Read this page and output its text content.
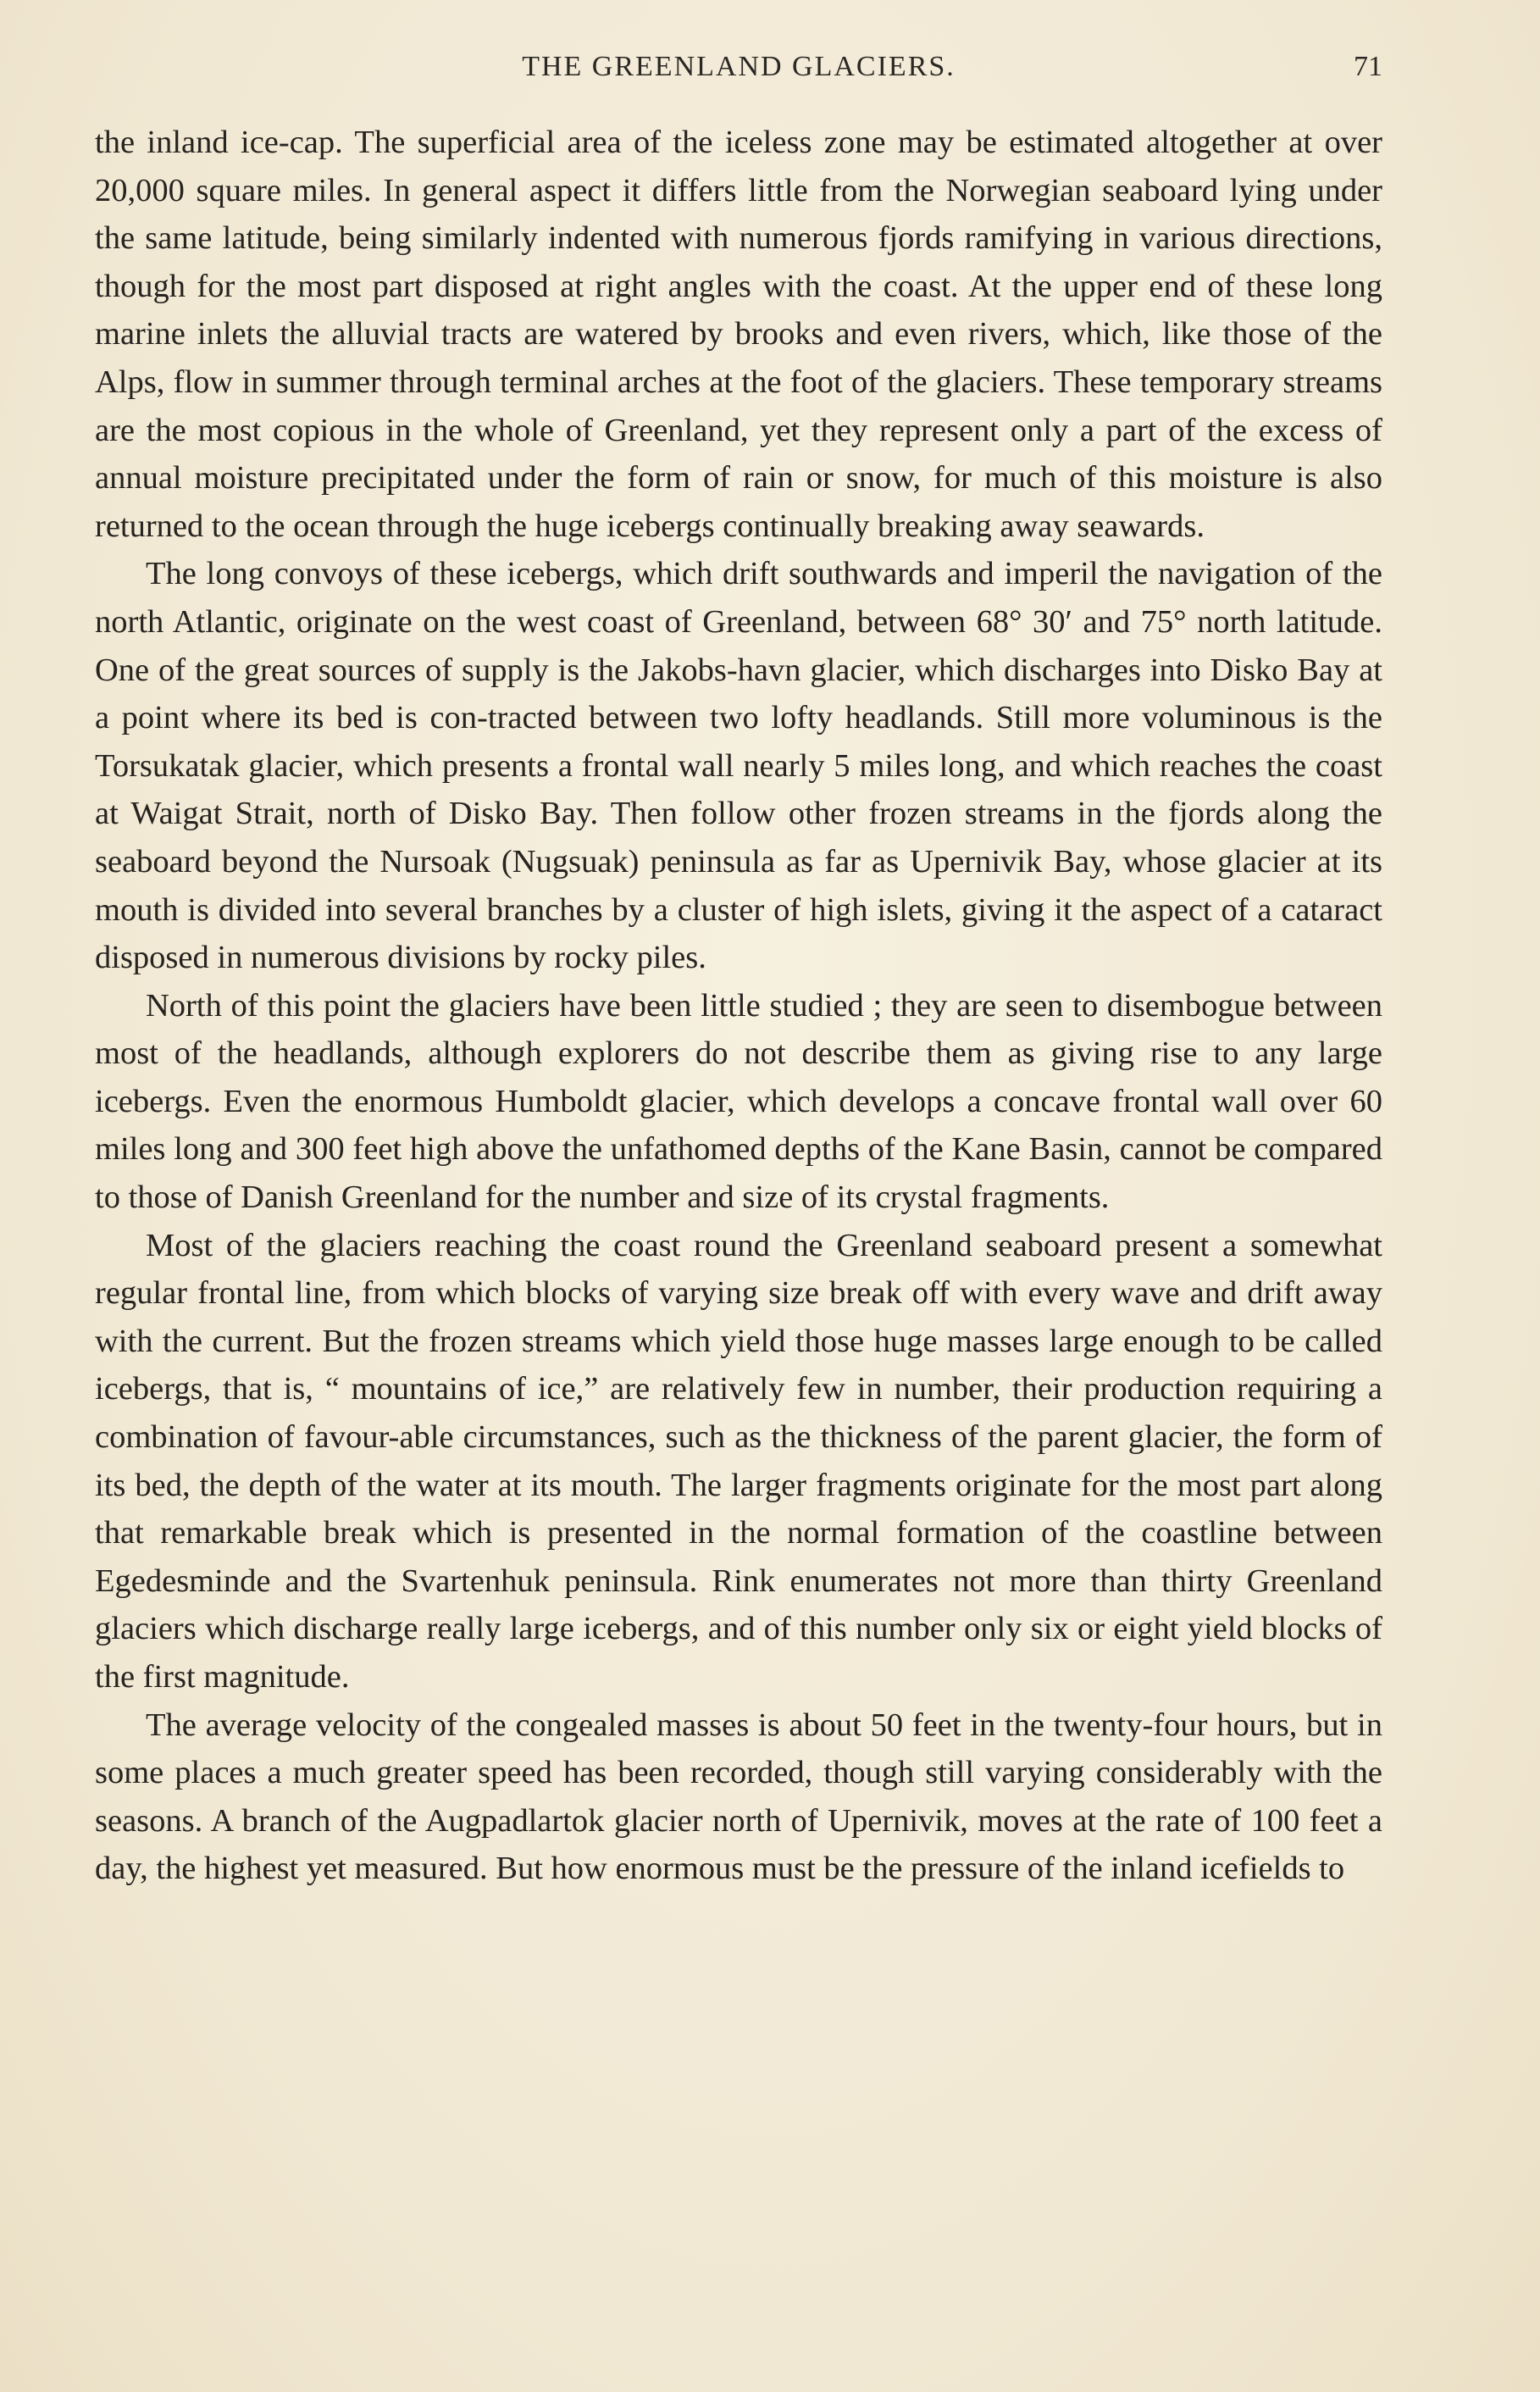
THE GREENLAND GLACIERS.	71

the inland ice-cap. The superficial area of the iceless zone may be estimated altogether at over 20,000 square miles. In general aspect it differs little from the Norwegian seaboard lying under the same latitude, being similarly indented with numerous fjords ramifying in various directions, though for the most part disposed at right angles with the coast. At the upper end of these long marine inlets the alluvial tracts are watered by brooks and even rivers, which, like those of the Alps, flow in summer through terminal arches at the foot of the glaciers. These temporary streams are the most copious in the whole of Greenland, yet they represent only a part of the excess of annual moisture precipitated under the form of rain or snow, for much of this moisture is also returned to the ocean through the huge icebergs continually breaking away seawards.

The long convoys of these icebergs, which drift southwards and imperil the navigation of the north Atlantic, originate on the west coast of Greenland, between 68° 30′ and 75° north latitude. One of the great sources of supply is the Jakobs-havn glacier, which discharges into Disko Bay at a point where its bed is con-tracted between two lofty headlands. Still more voluminous is the Torsukatak glacier, which presents a frontal wall nearly 5 miles long, and which reaches the coast at Waigat Strait, north of Disko Bay. Then follow other frozen streams in the fjords along the seaboard beyond the Nursoak (Nugsuak) peninsula as far as Upernivik Bay, whose glacier at its mouth is divided into several branches by a cluster of high islets, giving it the aspect of a cataract disposed in numerous divisions by rocky piles.

North of this point the glaciers have been little studied ; they are seen to disembogue between most of the headlands, although explorers do not describe them as giving rise to any large icebergs. Even the enormous Humboldt glacier, which develops a concave frontal wall over 60 miles long and 300 feet high above the unfathomed depths of the Kane Basin, cannot be compared to those of Danish Greenland for the number and size of its crystal fragments.

Most of the glaciers reaching the coast round the Greenland seaboard present a somewhat regular frontal line, from which blocks of varying size break off with every wave and drift away with the current. But the frozen streams which yield those huge masses large enough to be called icebergs, that is, “ mountains of ice,” are relatively few in number, their production requiring a combination of favour-able circumstances, such as the thickness of the parent glacier, the form of its bed, the depth of the water at its mouth. The larger fragments originate for the most part along that remarkable break which is presented in the normal formation of the coastline between Egedesminde and the Svartenhuk peninsula. Rink enumerates not more than thirty Greenland glaciers which discharge really large icebergs, and of this number only six or eight yield blocks of the first magnitude.

The average velocity of the congealed masses is about 50 feet in the twenty-four hours, but in some places a much greater speed has been recorded, though still varying considerably with the seasons. A branch of the Augpadlartok glacier north of Upernivik, moves at the rate of 100 feet a day, the highest yet measured. But how enormous must be the pressure of the inland icefields to
